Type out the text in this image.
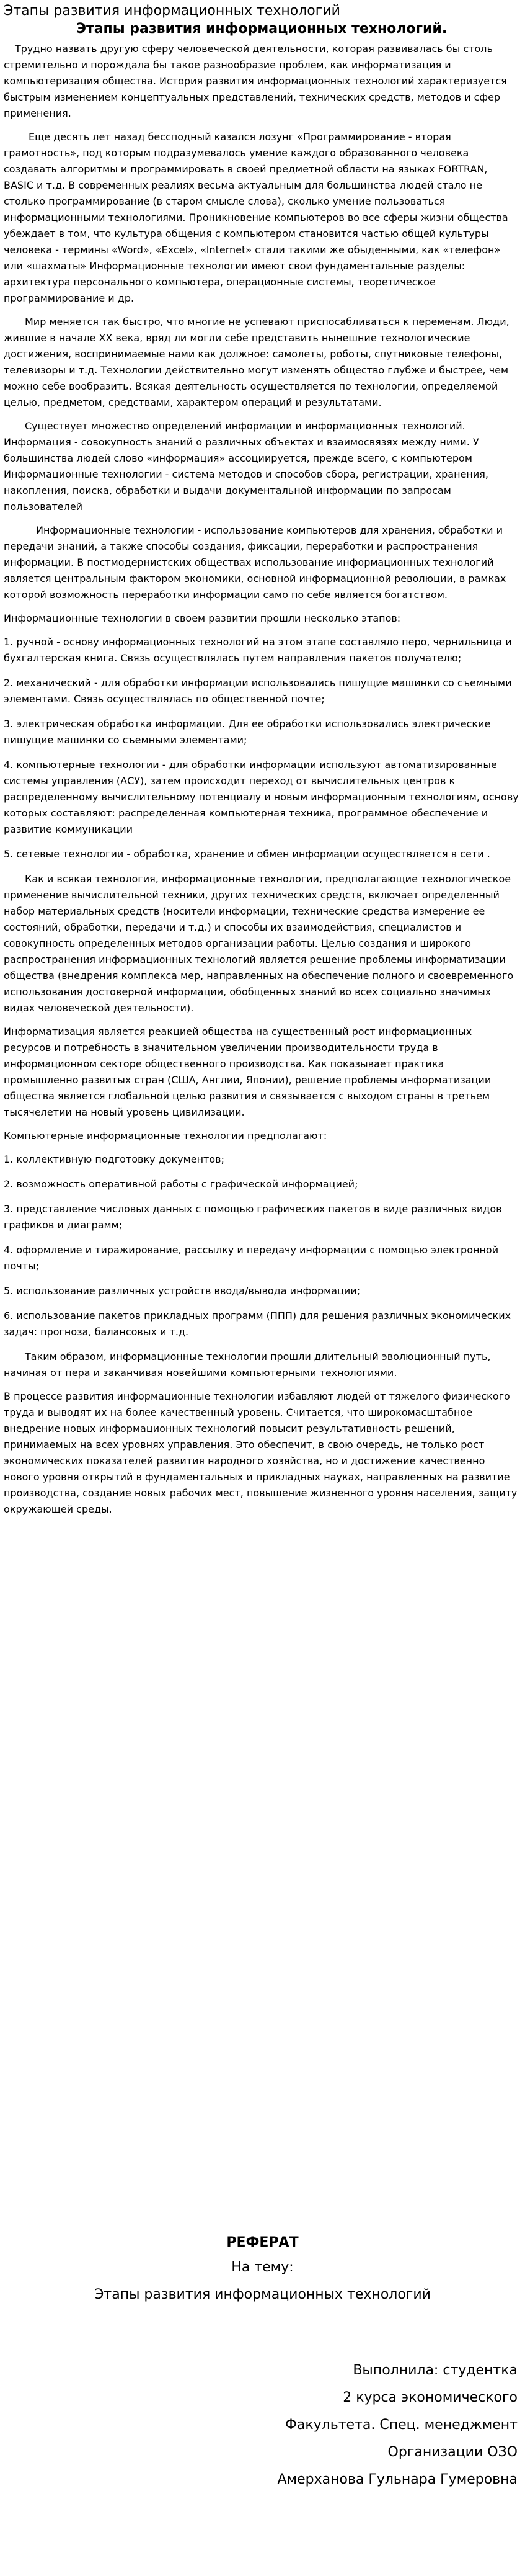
Этапы развития информационных технологий
Этапы развития информационных технологий.

Трудно назвать другую сферу человеческой деятельности, которая развивалась бы столь стремительно и порождала бы такое разнообразие проблем, как информатизация и компьютеризация общества. История развития информационных технологий характеризуется быстрым изменением концептуальных представлений, технических средств, методов и сфер применения.

Еще десять лет назад бессподный казался лозунг «Программирование - вторая грамотность», под которым подразумевалось умение каждого образованного человека создавать алгоритмы и программировать в своей предметной области на языках FORTRAN, BASIC и т.д. В современных реалиях весьма актуальным для большинства людей стало не столько программирование (в старом смысле слова), сколько умение пользоваться информационными технологиями. Проникновение компьютеров во все сферы жизни общества убеждает в том, что культура общения с компьютером становится частью общей культуры человека - термины «Word», «Excel», «Internet» стали такими же обыденными, как «телефон» или «шахматы» Информационные технологии имеют свои фундаментальные разделы: архитектура персонального компьютера, операционные системы, теоретическое программирование и др.

Мир меняется так быстро, что многие не успевают приспосабливаться к переменам. Люди, жившие в начале XX века, вряд ли могли себе представить нынешние технологические достижения, воспринимаемые нами как должное: самолеты, роботы, спутниковые телефоны, телевизоры и т.д. Технологии действительно могут изменять общество глубже и быстрее, чем можно себе вообразить. Всякая деятельность осуществляется по технологии, определяемой целью, предметом, средствами, характером операций и результатами.

Существует множество определений информации и информационных технологий. Информация - совокупность знаний о различных объектах и взаимосвязях между ними. У большинства людей слово «информация» ассоциируется, прежде всего, с компьютером Информационные технологии - система методов и способов сбора, регистрации, хранения, накопления, поиска, обработки и выдачи документальной информации по запросам пользователей

Информационные технологии - использование компьютеров для хранения, обработки и передачи знаний, а также способы создания, фиксации, переработки и распространения информации. В постмодернистских обществах использование информационных технологий является центральным фактором экономики, основной информационной революции, в рамках которой возможность переработки информации само по себе является богатством.

Информационные технологии в своем развитии прошли несколько этапов:

1. ручной - основу информационных технологий на этом этапе составляло перо, чернильница и бухгалтерская книга. Связь осуществлялась путем направления пакетов получателю;

2. механический - для обработки информации использовались пишущие машинки со съемными элементами. Связь осуществлялась по общественной почте;

3. электрическая обработка информации. Для ее обработки использовались электрические пишущие машинки со съемными элементами;

4. компьютерные технологии - для обработки информации используют автоматизированные системы управления (АСУ), затем происходит переход от вычислительных центров к распределенному вычислительному потенциалу и новым информационным технологиям, основу которых составляют: распределенная компьютерная техника, программное обеспечение и развитие коммуникации

5. сетевые технологии - обработка, хранение и обмен информации осуществляется в сети .

Как и всякая технология, информационные технологии, предполагающие технологическое применение вычислительной техники, других технических средств, включает определенный набор материальных средств (носители информации, технические средства измерение ее состояний, обработки, передачи и т.д.) и способы их взаимодействия, специалистов и совокупность определенных методов организации работы. Целью создания и широкого распространения информационных технологий является решение проблемы информатизации общества (внедрения комплекса мер, направленных на обеспечение полного и своевременного использования достоверной информации, обобщенных знаний во всех социально значимых видах человеческой деятельности).

Информатизация является реакцией общества на существенный рост информационных ресурсов и потребность в значительном увеличении производительности труда в информационном секторе общественного производства. Как показывает практика промышленно развитых стран (США, Англии, Японии), решение проблемы информатизации общества является глобальной целью развития и связывается с выходом страны в третьем тысячелетии на новый уровень цивилизации.

Компьютерные информационные технологии предполагают:

1. коллективную подготовку документов;

2. возможность оперативной работы с графической информацией;

3. представление числовых данных с помощью графических пакетов в виде различных видов графиков и диаграмм;

4. оформление и тиражирование, рассылку и передачу информации с помощью электронной почты;

5. использование различных устройств ввода/вывода информации;

6. использование пакетов прикладных программ (ППП) для решения различных экономических задач: прогноза, балансовых и т.д.

Таким образом, информационные технологии прошли длительный эволюционный путь, начиная от пера и заканчивая новейшими компьютерными технологиями.

В процессе развития информационные технологии избавляют людей от тяжелого физического труда и выводят их на более качественный уровень. Считается, что широкомасштабное внедрение новых информационных технологий повысит результативность решений, принимаемых на всех уровнях управления. Это обеспечит, в свою очередь, не только рост экономических показателей развития народного хозяйства, но и достижение качественно нового уровня открытий в фундаментальных и прикладных науках, направленных на развитие производства, создание новых рабочих мест, повышение жизненного уровня населения, защиту окружающей среды.

РЕФЕРАТ

На тему:

Этапы развития информационных технологий

Выполнила: студентка

2 курса экономического

Факультета. Спец. менеджмент

Организации ОЗО

Амерханова Гульнара Гумеровна
